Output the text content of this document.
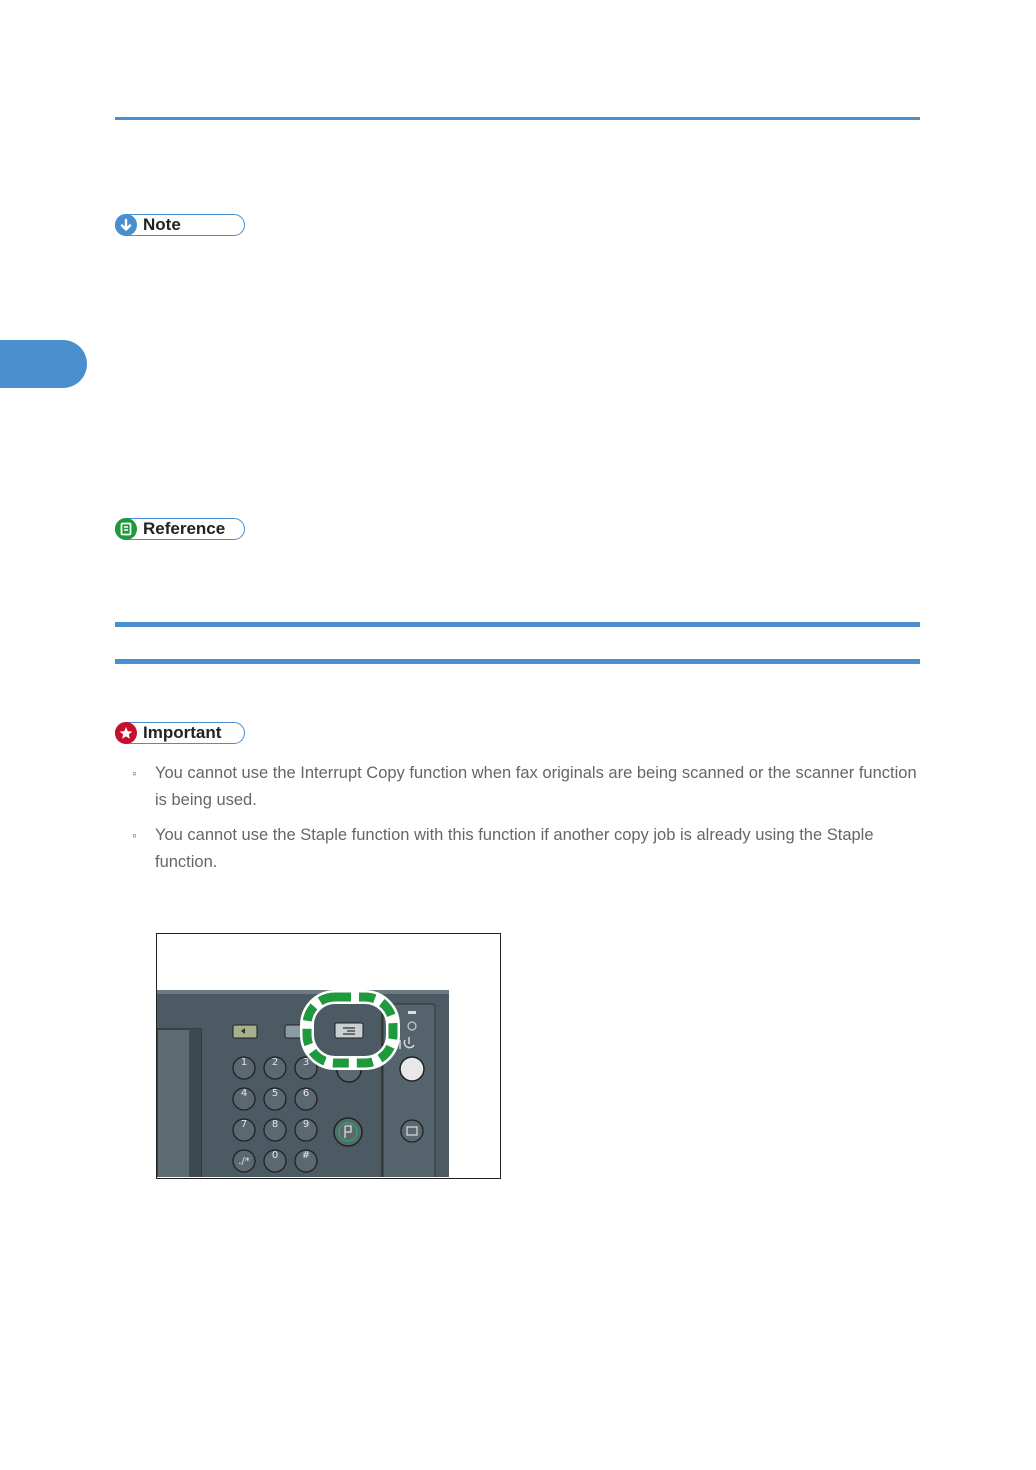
Note
Reference
Important
◦ You cannot use the Interrupt Copy function when fax originals are being scanned or the scanner function is being used.
◦ You cannot use the Staple function with this function if another copy job is already using the Staple function.
1 2 3
4 5 6
7 8 9
./*
0 #
